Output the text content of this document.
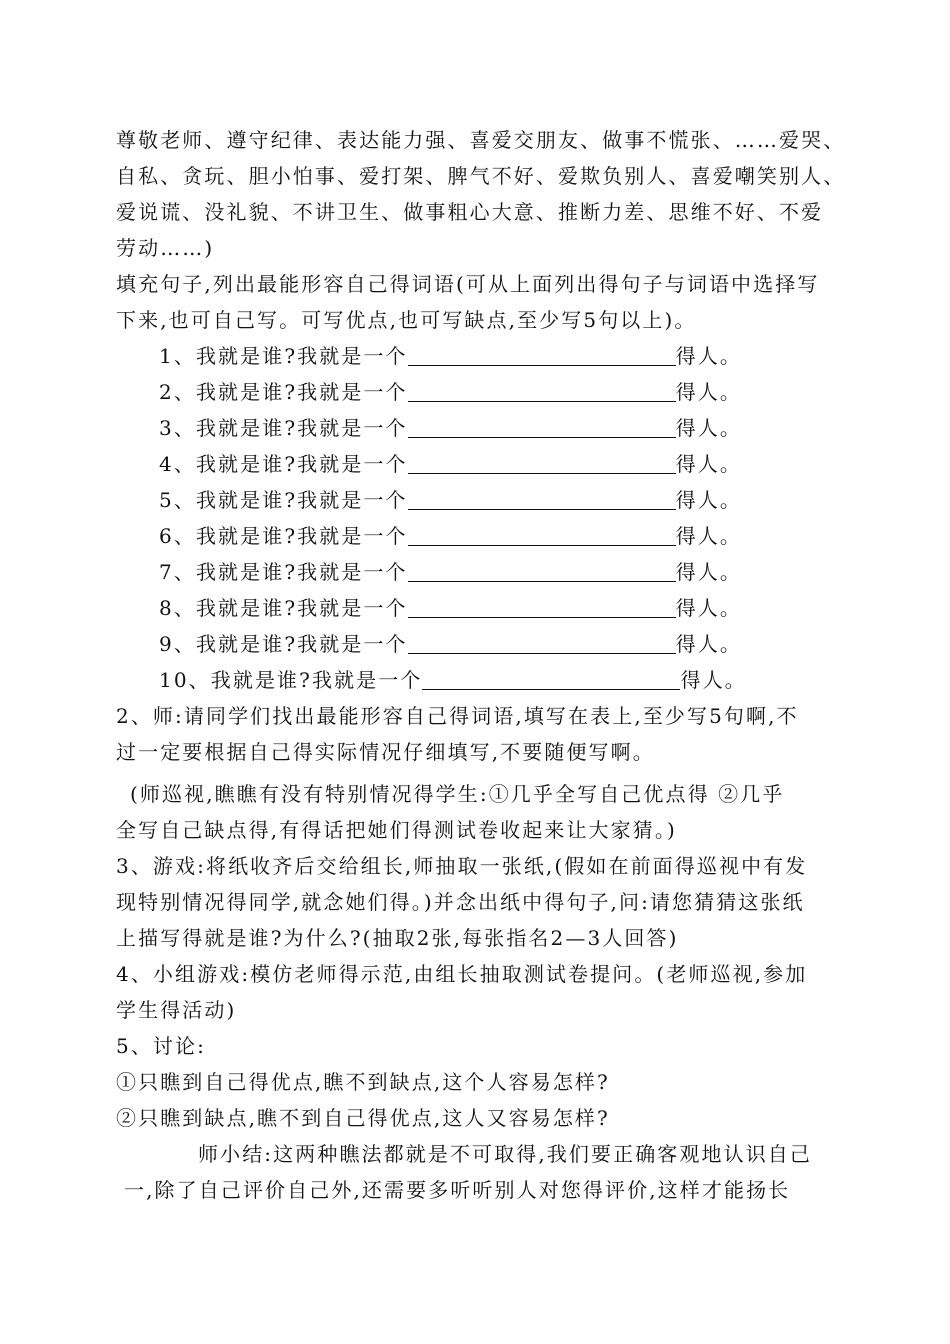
尊敬老师、遵守纪律、表达能力强、喜爱交朋友、做事不慌张、……爱哭、
自私、贪玩、胆小怕事、爱打架、脾气不好、爱欺负别人、喜爱嘲笑别人、
爱说谎、没礼貌、不讲卫生、做事粗心大意、推断力差、思维不好、不爱
劳动……)
填充句子,列出最能形容自己得词语(可从上面列出得句子与词语中选择写
下来,也可自己写。可写优点,也可写缺点,至少写5句以上)。
1、我就是谁?我就是一个	得人。
2、我就是谁?我就是一个	得人。
3、我就是谁?我就是一个	得人。
4、我就是谁?我就是一个	得人。
5、我就是谁?我就是一个	得人。
6、我就是谁?我就是一个	得人。
7、我就是谁?我就是一个	得人。
8、我就是谁?我就是一个	得人。
9、我就是谁?我就是一个	得人。
10、我就是谁?我就是一个	得人。
2、师:请同学们找出最能形容自己得词语,填写在表上,至少写5句啊,不
过一定要根据自己得实际情况仔细填写,不要随便写啊。
(师巡视,瞧瞧有没有特别情况得学生:①几乎全写自己优点得 ②几乎
全写自己缺点得,有得话把她们得测试卷收起来让大家猜。)
3、游戏:将纸收齐后交给组长,师抽取一张纸,(假如在前面得巡视中有发
现特别情况得同学,就念她们得。)并念出纸中得句子,问:请您猜猜这张纸
上描写得就是谁?为什么?(抽取2张,每张指名2—3人回答)
4、小组游戏:模仿老师得示范,由组长抽取测试卷提问。(老师巡视,参加
学生得活动)
5、讨论:
①只瞧到自己得优点,瞧不到缺点,这个人容易怎样?
②只瞧到缺点,瞧不到自己得优点,这人又容易怎样?
师小结:这两种瞧法都就是不可取得,我们要正确客观地认识自己
一,除了自己评价自己外,还需要多听听别人对您得评价,这样才能扬长
